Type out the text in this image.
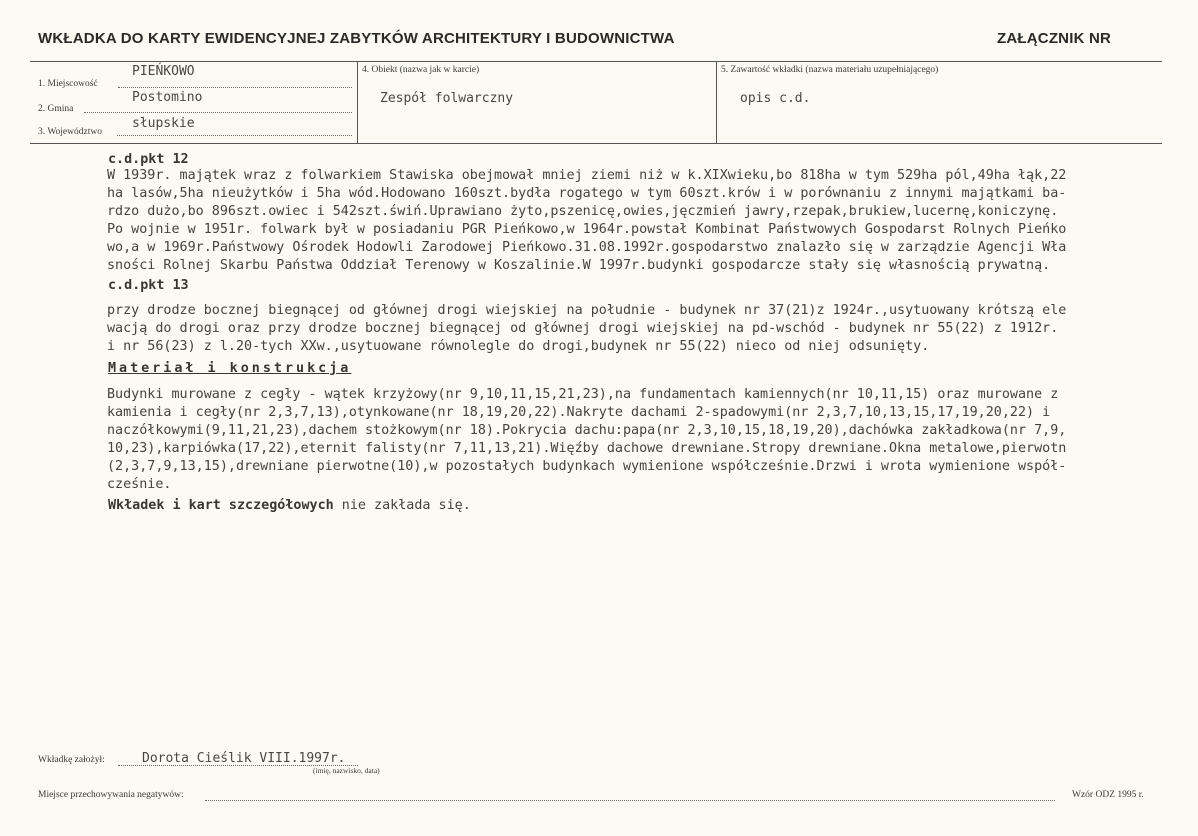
WKŁADKA DO KARTY EWIDENCYJNEJ ZABYTKÓW ARCHITEKTURY I BUDOWNICTWA	ZAŁĄCZNIK NR
1. Miejscowość
PIEŃKOWO
2. Gmina
Postomino
3. Województwo
słupskie
4. Obiekt (nazwa jak w karcie)
Zespół folwarczny
5. Zawartość wkładki (nazwa materiału uzupełniającego)
opis c.d.
c.d.pkt 12
W 1939r. majątek wraz z folwarkiem Stawiska obejmował mniej ziemi niż w k.XIXwieku,bo 818ha w tym 529ha pól,49ha łąk,22
ha lasów,5ha nieużytków i 5ha wód.Hodowano 160szt.bydła rogatego w tym 60szt.krów i w porównaniu z innymi majątkami ba-
rdzo dużo,bo 896szt.owiec i 542szt.świń.Uprawiano żyto,pszenicę,owies,jęczmień jawry,rzepak,brukiew,lucernę,koniczynę.
Po wojnie w 1951r. folwark był w posiadaniu PGR Pieńkowo,w 1964r.powstał Kombinat Państwowych Gospodarst Rolnych Pieńko
wo,a w 1969r.Państwowy Ośrodek Hodowli Zarodowej Pieńkowo.31.08.1992r.gospodarstwo znalazło się w zarządzie Agencji Wła
sności Rolnej Skarbu Państwa Oddział Terenowy w Koszalinie.W 1997r.budynki gospodarcze stały się własnością prywatną.
c.d.pkt 13
przy drodze bocznej biegnącej od głównej drogi wiejskiej na południe - budynek nr 37(21)z 1924r.,usytuowany krótszą ele
wacją do drogi oraz przy drodze bocznej biegnącej od głównej drogi wiejskiej na pd-wschód - budynek nr 55(22) z 1912r.
i nr 56(23) z l.20-tych XXw.,usytuowane równolegle do drogi,budynek nr 55(22) nieco od niej odsunięty.
Materiał i konstrukcja
Budynki murowane z cegły - wątek krzyżowy(nr 9,10,11,15,21,23),na fundamentach kamiennych(nr 10,11,15) oraz murowane z
kamienia i cegły(nr 2,3,7,13),otynkowane(nr 18,19,20,22).Nakryte dachami 2-spadowymi(nr 2,3,7,10,13,15,17,19,20,22) i
naczółkowymi(9,11,21,23),dachem stożkowym(nr 18).Pokrycia dachu:papa(nr 2,3,10,15,18,19,20),dachówka zakładkowa(nr 7,9,
10,23),karpiówka(17,22),eternit falisty(nr 7,11,13,21).Więźby dachowe drewniane.Stropy drewniane.Okna metalowe,pierwotn
(2,3,7,9,13,15),drewniane pierwotne(10),w pozostałych budynkach wymienione współcześnie.Drzwi i wrota wymienione współ-
cześnie.
Wkładek i kart szczegółowych nie zakłada się.
Wkładkę założył:	Dorota Cieślik VIII.1997r.
(imię, nazwisko, data)
Miejsce przechowywania negatywów:	Wzór ODZ 1995 r.
